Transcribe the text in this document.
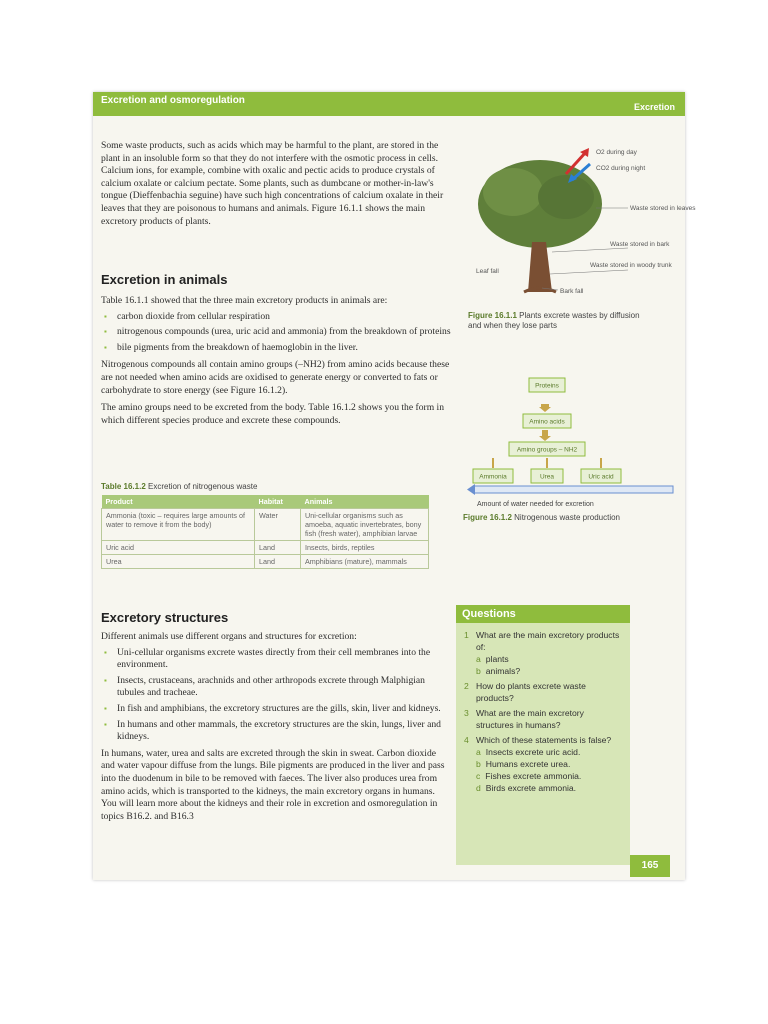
Excretion and osmoregulation
Excretion

Some waste products, such as acids which may be harmful to the plant, are stored in the plant in an insoluble form so that they do not interfere with the osmotic process in cells. Calcium ions, for example, combine with oxalic and pectic acids to produce crystals of calcium oxalate or calcium pectate. Some plants, such as dumbcane or mother-in-law's tongue (Dieffenbachia seguine) have such high concentrations of calcium oxalate in their leaves that they are poisonous to humans and animals. Figure 16.1.1 shows the main excretory products of plants.

Excretion in animals

Table 16.1.1 showed that the three main excretory products in animals are:

▪ carbon dioxide from cellular respiration
▪ nitrogenous compounds (urea, uric acid and ammonia) from the breakdown of proteins
▪ bile pigments from the breakdown of haemoglobin in the liver.

Nitrogenous compounds all contain amino groups (–NH2) from amino acids because these are not needed when amino acids are oxidised to generate energy or converted to fats or carbohydrate to store energy (see Figure 16.1.2).

The amino groups need to be excreted from the body. Table 16.1.2 shows you the form in which different species produce and excrete these compounds.

Table 16.1.2 Excretion of nitrogenous waste
Product	Habitat	Animals
Ammonia (toxic – requires large amounts of water to remove it from the body)	Water	Uni-cellular organisms such as amoeba, aquatic invertebrates, bony fish (fresh water), amphibian larvae
Uric acid	Land	Insects, birds, reptiles
Urea	Land	Amphibians (mature), mammals
Excretory structures

Different animals use different organs and structures for excretion:

▪ Uni-cellular organisms excrete wastes directly from their cell membranes into the environment.
▪ Insects, crustaceans, arachnids and other arthropods excrete through Malphigian tubules and tracheae.
▪ In fish and amphibians, the excretory structures are the gills, skin, liver and kidneys.
▪ In humans and other mammals, the excretory structures are the skin, lungs, liver and kidneys.

In humans, water, urea and salts are excreted through the skin in sweat. Carbon dioxide and water vapour diffuse from the lungs. Bile pigments are produced in the liver and pass into the duodenum in bile to be removed with faeces. The liver also produces urea from amino acids, which is transported to the kidneys, the main excretory organs in humans. You will learn more about the kidneys and their role in excretion and osmoregulation in topics B16.2. and B16.3

O2 during day
CO2 during night
Waste stored in leaves
Waste stored in bark
Waste stored in woody trunk
Leaf fall
Bark fall
Figure 16.1.1 Plants excrete wastes by diffusion and when they lose parts
Proteins
Amino acids
Amino groups – NH2
Ammonia	Urea	Uric acid
Amount of water needed for excretion
Figure 16.1.2 Nitrogenous waste production
Questions
1 What are the main excretory products of:
a plants
b animals?
2 How do plants excrete waste products?
3 What are the main excretory structures in humans?
4 Which of these statements is false?
a Insects excrete uric acid.
b Humans excrete urea.
c Fishes excrete ammonia.
d Birds excrete ammonia.
165
